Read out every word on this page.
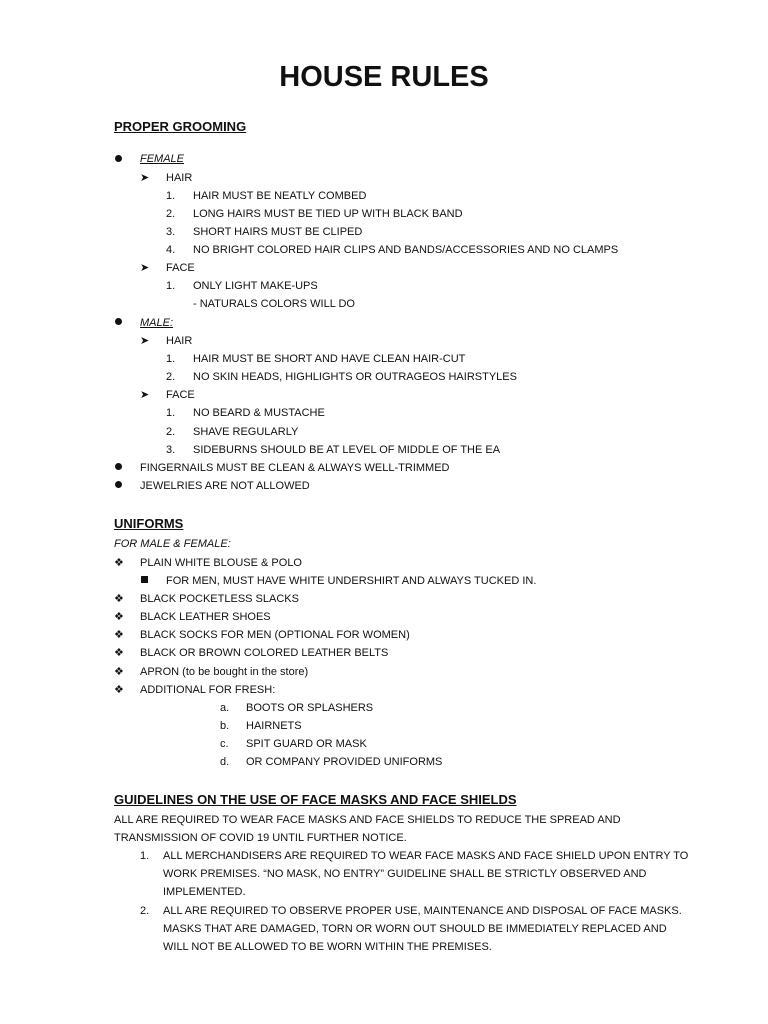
HOUSE RULES
PROPER GROOMING
FEMALE
➤ HAIR
1. HAIR MUST BE NEATLY COMBED
2. LONG HAIRS MUST BE TIED UP WITH BLACK BAND
3. SHORT HAIRS MUST BE CLIPED
4. NO BRIGHT COLORED HAIR CLIPS AND BANDS/ACCESSORIES AND NO CLAMPS
➤ FACE
1. ONLY LIGHT MAKE-UPS
- NATURALS COLORS WILL DO
MALE:
➤ HAIR
1. HAIR MUST BE SHORT AND HAVE CLEAN HAIR-CUT
2. NO SKIN HEADS, HIGHLIGHTS OR OUTRAGEOS HAIRSTYLES
➤ FACE
1. NO BEARD & MUSTACHE
2. SHAVE REGULARLY
3. SIDEBURNS SHOULD BE AT LEVEL OF MIDDLE OF THE EA
FINGERNAILS MUST BE CLEAN & ALWAYS WELL-TRIMMED
JEWELRIES ARE NOT ALLOWED
UNIFORMS
FOR MALE & FEMALE:
❖ PLAIN WHITE BLOUSE & POLO
FOR MEN, MUST HAVE WHITE UNDERSHIRT AND ALWAYS TUCKED IN.
❖ BLACK POCKETLESS SLACKS
❖ BLACK LEATHER SHOES
❖ BLACK SOCKS FOR MEN (OPTIONAL FOR WOMEN)
❖ BLACK OR BROWN COLORED LEATHER BELTS
❖ APRON (to be bought in the store)
❖ ADDITIONAL FOR FRESH:
a. BOOTS OR SPLASHERS
b. HAIRNETS
c. SPIT GUARD OR MASK
d. OR COMPANY PROVIDED UNIFORMS
GUIDELINES ON THE USE OF FACE MASKS AND FACE SHIELDS
ALL ARE REQUIRED TO WEAR FACE MASKS AND FACE SHIELDS TO REDUCE THE SPREAD AND
TRANSMISSION OF COVID 19 UNTIL FURTHER NOTICE.
1. ALL MERCHANDISERS ARE REQUIRED TO WEAR FACE MASKS AND FACE SHIELD UPON ENTRY TO
WORK PREMISES. “NO MASK, NO ENTRY” GUIDELINE SHALL BE STRICTLY OBSERVED AND
IMPLEMENTED.
2. ALL ARE REQUIRED TO OBSERVE PROPER USE, MAINTENANCE AND DISPOSAL OF FACE MASKS.
MASKS THAT ARE DAMAGED, TORN OR WORN OUT SHOULD BE IMMEDIATELY REPLACED AND
WILL NOT BE ALLOWED TO BE WORN WITHIN THE PREMISES.
